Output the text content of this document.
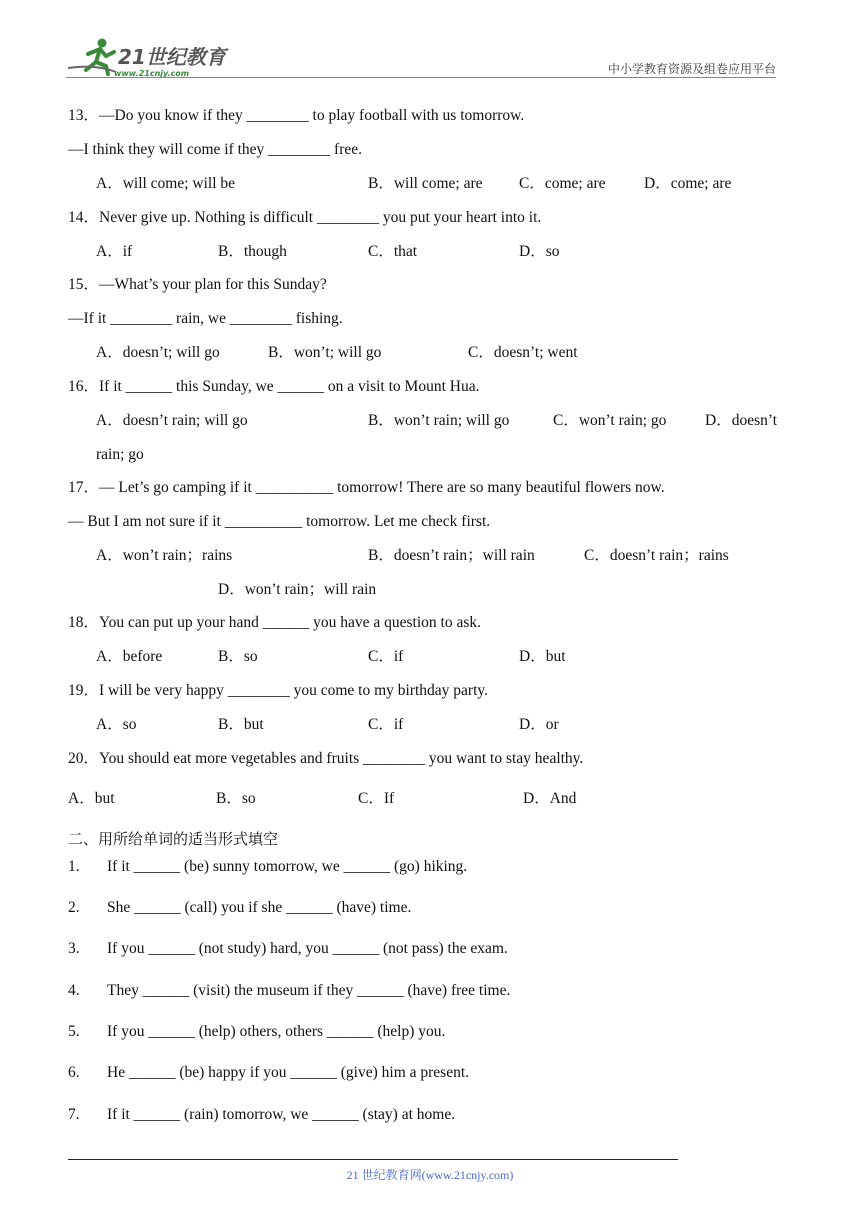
21世纪教育
www.21cnjy.com	中小学教育资源及组卷应用平台
13．—Do you know if they ________ to play football with us tomorrow.
—I think they will come if they ________ free.
A．will come; will be	B．will come; are C．come; are D．come; are
14．Never give up. Nothing is difficult ________ you put your heart into it.
A．if	B．though	C．that	D．so
15．—What’s your plan for this Sunday?
—If it ________ rain, we ________ fishing.
A．doesn’t; will go	B．won’t; will go	C．doesn’t; went
16．If it ______ this Sunday, we ______ on a visit to Mount Hua.
A．doesn’t rain; will go	B．won’t rain; will go	C．won’t rain; go D．doesn’t
rain; go
17．— Let’s go camping if it __________ tomorrow! There are so many beautiful flowers now.
— But I am not sure if it __________ tomorrow. Let me check first.
A．won’t rain；rains	B．doesn’t rain；will rain	C．doesn’t rain；rains
D．won’t rain；will rain
18．You can put up your hand ______ you have a question to ask.
A．before	B．so	C．if	D．but
19．I will be very happy ________ you come to my birthday party.
A．so	B．but	C．if	D．or
20．You should eat more vegetables and fruits ________ you want to stay healthy.
A．but	B．so	C．If	D．And
二、用所给单词的适当形式填空
1. If it ______ (be) sunny tomorrow, we ______ (go) hiking.
2. She ______ (call) you if she ______ (have) time.
3. If you ______ (not study) hard, you ______ (not pass) the exam.
4. They ______ (visit) the museum if they ______ (have) free time.
5. If you ______ (help) others, others ______ (help) you.
6. He ______ (be) happy if you ______ (give) him a present.
7. If it ______ (rain) tomorrow, we ______ (stay) at home.
21 世纪教育网(www.21cnjy.com)
